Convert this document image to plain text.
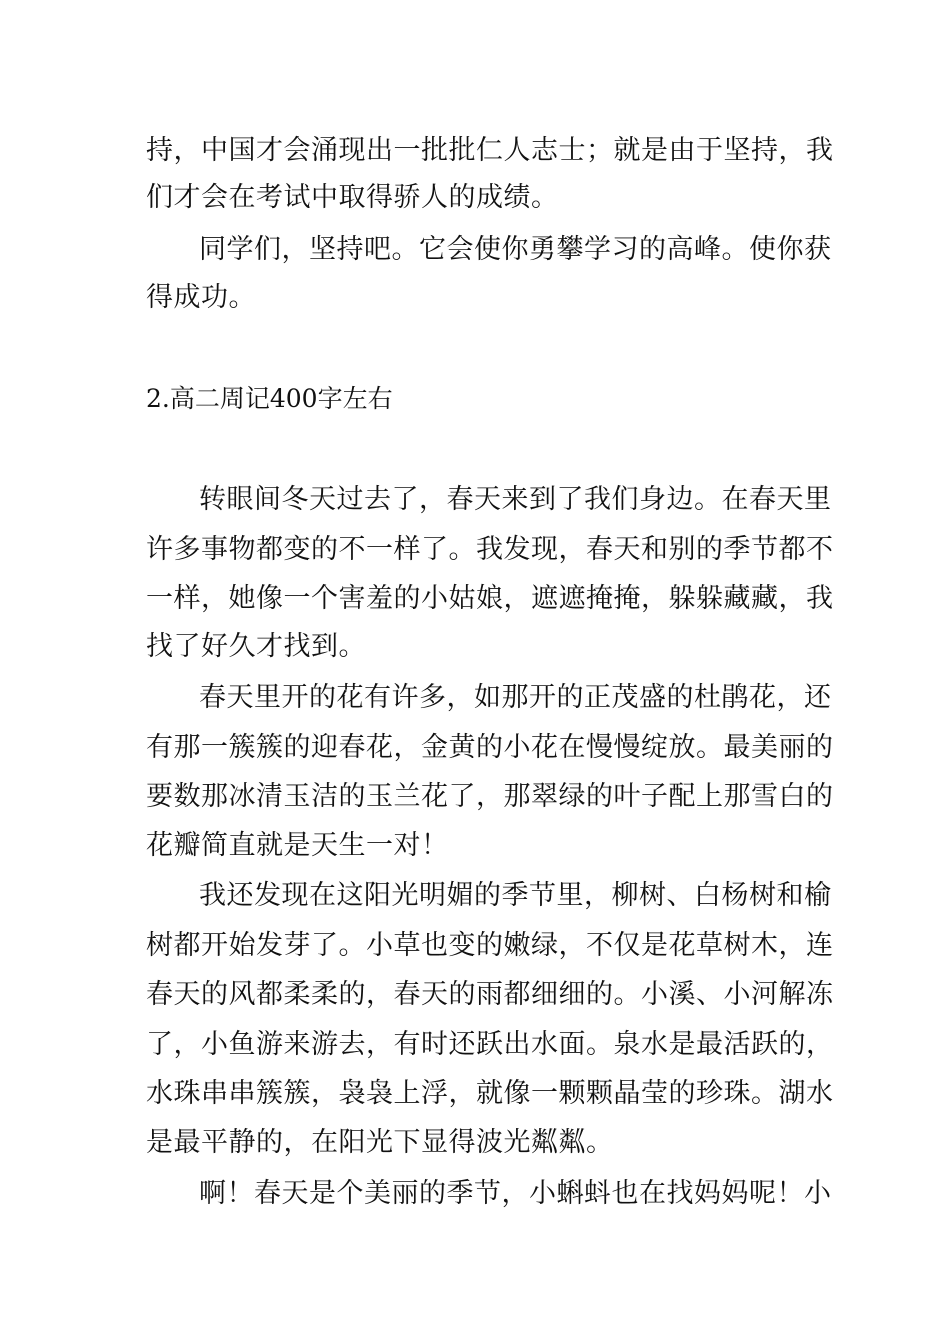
持，中国才会涌现出一批批仁人志士；就是由于坚持，我

们才会在考试中取得骄人的成绩。

同学们，坚持吧。它会使你勇攀学习的高峰。使你获

得成功。

2.高二周记400字左右

转眼间冬天过去了，春天来到了我们身边。在春天里

许多事物都变的不一样了。我发现，春天和别的季节都不

一样，她像一个害羞的小姑娘，遮遮掩掩，躲躲藏藏，我

找了好久才找到。

春天里开的花有许多，如那开的正茂盛的杜鹃花，还

有那一簇簇的迎春花，金黄的小花在慢慢绽放。最美丽的

要数那冰清玉洁的玉兰花了，那翠绿的叶子配上那雪白的

花瓣简直就是天生一对！

我还发现在这阳光明媚的季节里，柳树、白杨树和榆

树都开始发芽了。小草也变的嫩绿，不仅是花草树木，连

春天的风都柔柔的，春天的雨都细细的。小溪、小河解冻

了，小鱼游来游去，有时还跃出水面。泉水是最活跃的，

水珠串串簇簇，袅袅上浮，就像一颗颗晶莹的珍珠。湖水

是最平静的，在阳光下显得波光粼粼。

啊！春天是个美丽的季节，小蝌蚪也在找妈妈呢！小
